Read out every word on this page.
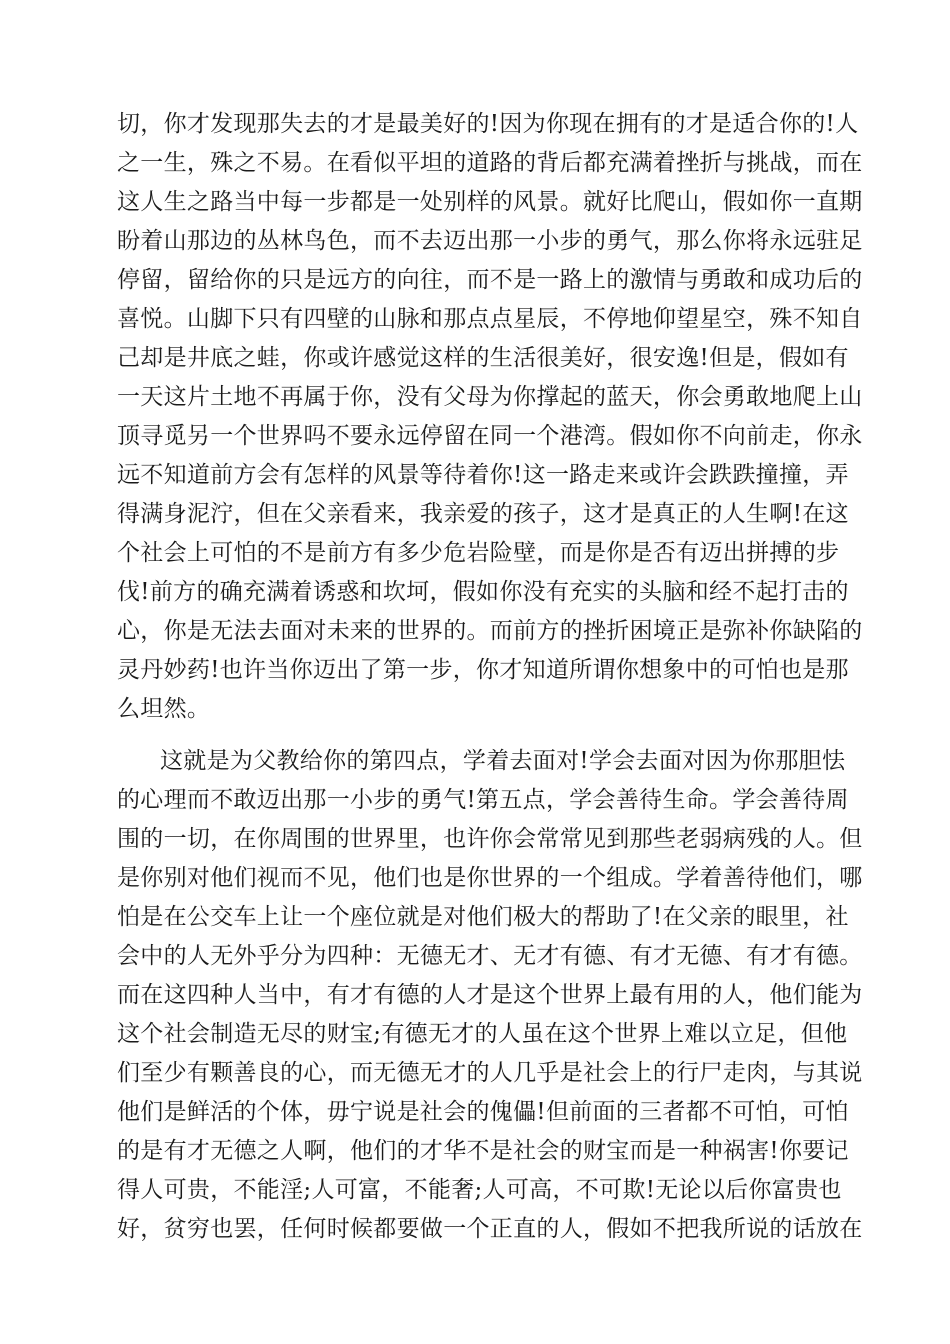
切，你才发现那失去的才是最美好的!因为你现在拥有的才是适合你的!人
之一生，殊之不易。在看似平坦的道路的背后都充满着挫折与挑战，而在
这人生之路当中每一步都是一处别样的风景。就好比爬山，假如你一直期
盼着山那边的丛林鸟色，而不去迈出那一小步的勇气，那么你将永远驻足
停留，留给你的只是远方的向往，而不是一路上的激情与勇敢和成功后的
喜悦。山脚下只有四壁的山脉和那点点星辰，不停地仰望星空，殊不知自
己却是井底之蛙，你或许感觉这样的生活很美好，很安逸!但是，假如有
一天这片土地不再属于你，没有父母为你撑起的蓝天，你会勇敢地爬上山
顶寻觅另一个世界吗不要永远停留在同一个港湾。假如你不向前走，你永
远不知道前方会有怎样的风景等待着你!这一路走来或许会跌跌撞撞，弄
得满身泥泞，但在父亲看来，我亲爱的孩子，这才是真正的人生啊!在这
个社会上可怕的不是前方有多少危岩险壁，而是你是否有迈出拼搏的步
伐!前方的确充满着诱惑和坎坷，假如你没有充实的头脑和经不起打击的
心，你是无法去面对未来的世界的。而前方的挫折困境正是弥补你缺陷的
灵丹妙药!也许当你迈出了第一步，你才知道所谓你想象中的可怕也是那
么坦然。
这就是为父教给你的第四点，学着去面对!学会去面对因为你那胆怯
的心理而不敢迈出那一小步的勇气!第五点，学会善待生命。学会善待周
围的一切，在你周围的世界里，也许你会常常见到那些老弱病残的人。但
是你别对他们视而不见，他们也是你世界的一个组成。学着善待他们，哪
怕是在公交车上让一个座位就是对他们极大的帮助了!在父亲的眼里，社
会中的人无外乎分为四种：无德无才、无才有德、有才无德、有才有德。
而在这四种人当中，有才有德的人才是这个世界上最有用的人，他们能为
这个社会制造无尽的财宝;有德无才的人虽在这个世界上难以立足，但他
们至少有颗善良的心，而无德无才的人几乎是社会上的行尸走肉，与其说
他们是鲜活的个体，毋宁说是社会的傀儡!但前面的三者都不可怕，可怕
的是有才无德之人啊，他们的才华不是社会的财宝而是一种祸害!你要记
得人可贵，不能淫;人可富，不能奢;人可高，不可欺!无论以后你富贵也
好，贫穷也罢，任何时候都要做一个正直的人，假如不把我所说的话放在
